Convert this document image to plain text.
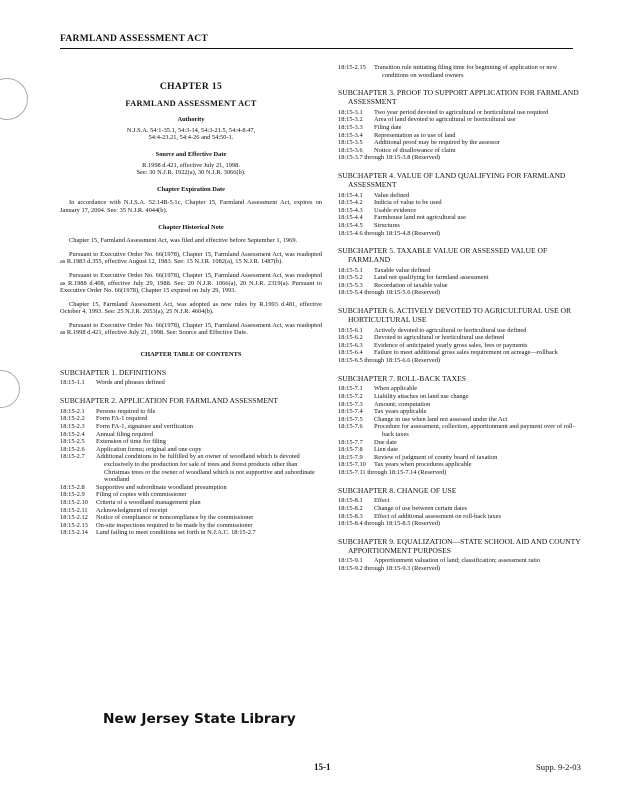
FARMLAND ASSESSMENT ACT
CHAPTER 15
FARMLAND ASSESSMENT ACT
Authority
N.J.S.A. 54:1-35.1, 54:3-14, 54:3-21.5, 54:4-8.47,
54:4-23.21, 54:4-26 and 54:50-1.
Source and Effective Date
R.1998 d.421, effective July 21, 1998.
See: 30 N.J.R. 1922(a), 30 N.J.R. 3066(b).
Chapter Expiration Date
In accordance with N.J.S.A. 52:14B-5.1c, Chapter 15, Farmland Assessment Act, expires on January 17, 2004. See: 35 N.J.R. 4044(b).
Chapter Historical Note
Chapter 15, Farmland Assessment Act, was filed and effective before September 1, 1969.
Pursuant to Executive Order No. 66(1978), Chapter 15, Farmland Assessment Act, was readopted as R.1983 d.355, effective August 12, 1983. See: 15 N.J.R. 1082(a), 15 N.J.R. 1487(b).
Pursuant to Executive Order No. 66(1978), Chapter 15, Farmland Assessment Act, was readopted as R.1988 d.408, effective July 29, 1988. See: 20 N.J.R. 1066(a), 20 N.J.R. 2319(a). Pursuant to Executive Order No. 66(1978), Chapter 15 expired on July 29, 1993.
Chapter 15, Farmland Assessment Act, was adopted as new rules by R.1993 d.481, effective October 4, 1993. See: 25 N.J.R. 2653(a), 25 N.J.R. 4604(b).
Pursuant to Executive Order No. 66(1978), Chapter 15, Farmland Assessment Act, was readopted as R.1998 d.421, effective July 21, 1998. See: Source and Effective Date.
CHAPTER TABLE OF CONTENTS
SUBCHAPTER 1. DEFINITIONS
18:15-1.1	Words and phrases defined
SUBCHAPTER 2. APPLICATION FOR FARMLAND ASSESSMENT
18:15-2.1	Persons required to file
18:15-2.2	Form FA-1 required
18:15-2.3	Form FA-1, signature and verification
18:15-2.4	Annual filing required
18:15-2.5	Extension of time for filing
18:15-2.6	Application forms; original and one copy
18:15-2.7	Additional conditions to be fulfilled by an owner of woodland which is devoted exclusively to the production for sale of trees and forest products other than Christmas trees or the owner of woodland which is not supportive and subordinate woodland
18:15-2.8	Supportive and subordinate woodland presumption
18:15-2.9	Filing of copies with commissioner
18:15-2.10	Criteria of a woodland management plan
18:15-2.11	Acknowledgment of receipt
18:15-2.12	Notice of compliance or noncompliance by the commissioner
18:15-2.13	On-site inspections required to be made by the commissioner
18:15-2.14	Land failing to meet conditions set forth in N.J.A.C. 18:15-2.7
18:15-2.15	Transition rule initiating filing time for beginning of application or new conditions on woodland owners
SUBCHAPTER 3. PROOF TO SUPPORT APPLICATION FOR FARMLAND ASSESSMENT
18:15-3.1	Two year period devoted to agricultural or horticultural use required
18:15-3.2	Area of land devoted to agricultural or horticultural use
18:15-3.3	Filing date
18:15-3.4	Representation as to use of land
18:15-3.5	Additional proof may be required by the assessor
18:15-3.6	Notice of disallowance of claim
18:15-3.7 through 18:15-3.8 (Reserved)
SUBCHAPTER 4. VALUE OF LAND QUALIFYING FOR FARMLAND ASSESSMENT
18:15-4.1	Value defined
18:15-4.2	Indicia of value to be used
18:15-4.3	Usable evidence
18:15-4.4	Farmhouse land not agricultural use
18:15-4.5	Structures
18:15-4.6 through 18:15-4.8 (Reserved)
SUBCHAPTER 5. TAXABLE VALUE OR ASSESSED VALUE OF FARMLAND
18:15-5.1	Taxable value defined
18:15-5.2	Land not qualifying for farmland assessment
18:15-5.3	Recordation of taxable value
18:15-5.4 through 18:15-5.6 (Reserved)
SUBCHAPTER 6. ACTIVELY DEVOTED TO AGRICULTURAL USE OR HORTICULTURAL USE
18:15-6.1	Actively devoted to agricultural or horticultural use defined
18:15-6.2	Devoted to agricultural or horticultural use defined
18:15-6.3	Evidence of anticipated yearly gross sales, fees or payments
18:15-6.4	Failure to meet additional gross sales requirement on acreage—rollback
18:15-6.5 through 18:15-6.6 (Reserved)
SUBCHAPTER 7. ROLL-BACK TAXES
18:15-7.1	When applicable
18:15-7.2	Liability attaches on land use change
18:15-7.3	Amount; computation
18:15-7.4	Tax years applicable
18:15-7.5	Change in use when land not assessed under the Act
18:15-7.6	Procedure for assessment, collection, apportionment and payment over of roll-back taxes
18:15-7.7	Due date
18:15-7.8	Lien date
18:15-7.9	Review of judgment of county board of taxation
18:15-7.10	Tax years when procedures applicable
18:15-7.11 through 18:15-7.14 (Reserved)
SUBCHAPTER 8. CHANGE OF USE
18:15-8.1	Effect
18:15-8.2	Change of use between certain dates
18:15-8.3	Effect of additional assessment on roll-back taxes
18:15-8.4 through 18:15-8.5 (Reserved)
SUBCHAPTER 9. EQUALIZATION—STATE SCHOOL AID AND COUNTY APPORTIONMENT PURPOSES
18:15-9.1	Apportionment valuation of land; classification; assessment ratio
18:15-9.2 through 18:15-9.3 (Reserved)
New Jersey State Library
15-1	Supp. 9-2-03
